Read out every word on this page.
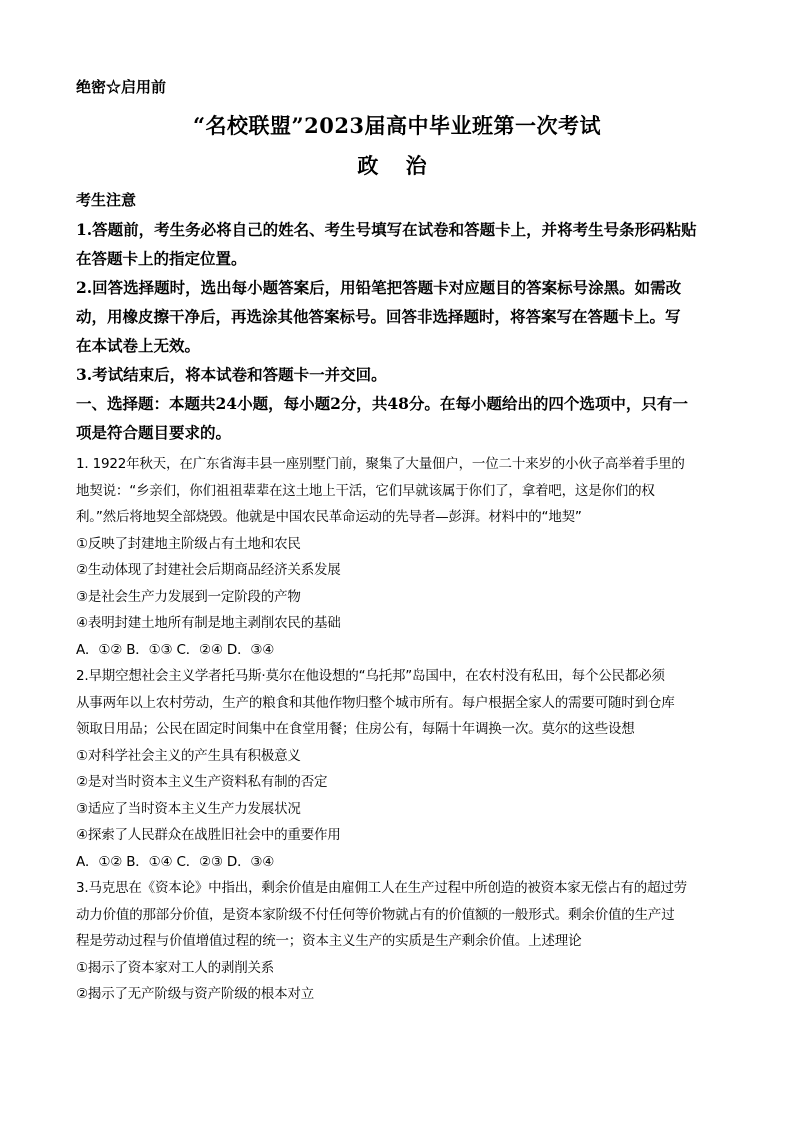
绝密☆启用前
“名校联盟”2023届高中毕业班第一次考试
政 治
考生注意
1.答题前，考生务必将自己的姓名、考生号填写在试卷和答题卡上，并将考生号条形码粘贴
在答题卡上的指定位置。
2.回答选择题时，选出每小题答案后，用铅笔把答题卡对应题目的答案标号涂黑。如需改
动，用橡皮擦干净后，再选涂其他答案标号。回答非选择题时，将答案写在答题卡上。写
在本试卷上无效。
3.考试结束后，将本试卷和答题卡一并交回。
一、选择题：本题共24小题，每小题2分，共48分。在每小题给出的四个选项中，只有一
项是符合题目要求的。
1. 1922年秋天，在广东省海丰县一座别墅门前，聚集了大量佃户，一位二十来岁的小伙子高举着手里的
地契说：“乡亲们，你们祖祖辈辈在这土地上干活，它们早就该属于你们了，拿着吧，这是你们的权
利。”然后将地契全部烧毁。他就是中国农民革命运动的先导者—彭湃。材料中的“地契”
①反映了封建地主阶级占有土地和农民
②生动体现了封建社会后期商品经济关系发展
③是社会生产力发展到一定阶段的产物
④表明封建土地所有制是地主剥削农民的基础
A．①② B．①③ C．②④ D．③④
2.早期空想社会主义学者托马斯·莫尔在他设想的“乌托邦”岛国中，在农村没有私田，每个公民都必须
从事两年以上农村劳动，生产的粮食和其他作物归整个城市所有。每户根据全家人的需要可随时到仓库
领取日用品；公民在固定时间集中在食堂用餐；住房公有，每隔十年调换一次。莫尔的这些设想
①对科学社会主义的产生具有积极意义
②是对当时资本主义生产资料私有制的否定
③适应了当时资本主义生产力发展状况
④探索了人民群众在战胜旧社会中的重要作用
A．①② B．①④ C．②③ D．③④
3.马克思在《资本论》中指出，剩余价值是由雇佣工人在生产过程中所创造的被资本家无偿占有的超过劳
动力价值的那部分价值，是资本家阶级不付任何等价物就占有的价值额的一般形式。剩余价值的生产过
程是劳动过程与价值增值过程的统一；资本主义生产的实质是生产剩余价值。上述理论
①揭示了资本家对工人的剥削关系
②揭示了无产阶级与资产阶级的根本对立
